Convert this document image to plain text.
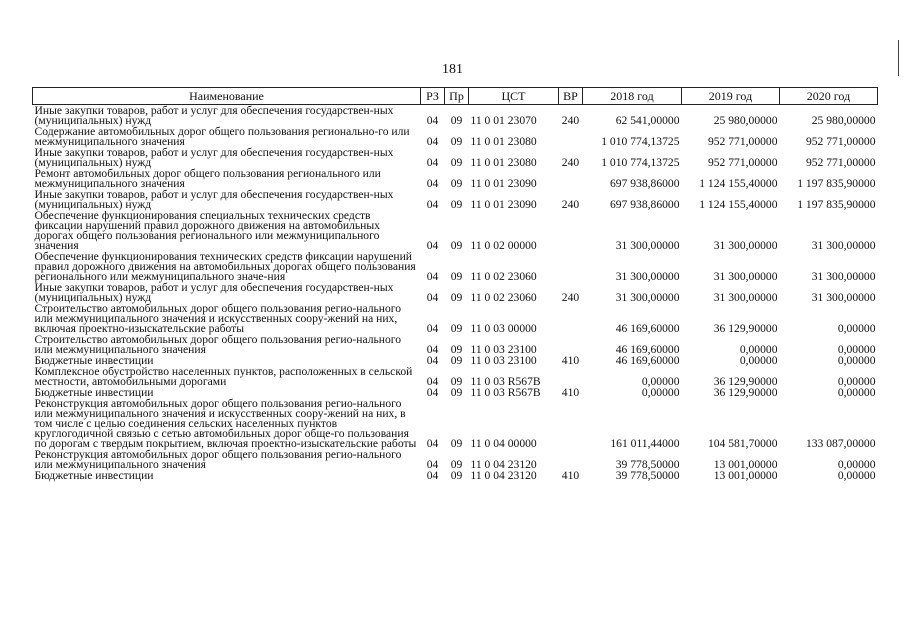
181
Наименование	РЗ	Пр	ЦСТ	ВР	2018 год	2019 год	2020 год
Иные закупки товаров, работ и услуг для обеспечения государствен-ных (муниципальных) нужд	04	09	11 0 01 23070	240	62 541,00000	25 980,00000	25 980,00000
Содержание автомобильных дорог общего пользования регионально-го или межмуниципального значения	04	09	11 0 01 23080		1 010 774,13725	952 771,00000	952 771,00000
Иные закупки товаров, работ и услуг для обеспечения государствен-ных (муниципальных) нужд	04	09	11 0 01 23080	240	1 010 774,13725	952 771,00000	952 771,00000
Ремонт автомобильных дорог общего пользования регионального или межмуниципального значения	04	09	11 0 01 23090		697 938,86000	1 124 155,40000	1 197 835,90000
Иные закупки товаров, работ и услуг для обеспечения государствен-ных (муниципальных) нужд	04	09	11 0 01 23090	240	697 938,86000	1 124 155,40000	1 197 835,90000
Обеспечение функционирования специальных технических средств фиксации нарушений правил дорожного движения на автомобильных дорогах общего пользования регионального или межмуниципального значения	04	09	11 0 02 00000		31 300,00000	31 300,00000	31 300,00000
Обеспечение функционирования технических средств фиксации нарушений правил дорожного движения на автомобильных дорогах общего пользования регионального или межмуниципального значе-ния	04	09	11 0 02 23060		31 300,00000	31 300,00000	31 300,00000
Иные закупки товаров, работ и услуг для обеспечения государствен-ных (муниципальных) нужд	04	09	11 0 02 23060	240	31 300,00000	31 300,00000	31 300,00000
Строительство автомобильных дорог общего пользования регио-нального или межмуниципального значения и искусственных соору-жений на них, включая проектно-изыскательские работы	04	09	11 0 03 00000		46 169,60000	36 129,90000	0,00000
Строительство автомобильных дорог общего пользования регио-нального или межмуниципального значения	04	09	11 0 03 23100		46 169,60000	0,00000	0,00000
Бюджетные инвестиции	04	09	11 0 03 23100	410	46 169,60000	0,00000	0,00000
Комплексное обустройство населенных пунктов, расположенных в сельской местности, автомобильными дорогами	04	09	11 0 03 R567B		0,00000	36 129,90000	0,00000
Бюджетные инвестиции	04	09	11 0 03 R567B	410	0,00000	36 129,90000	0,00000
Реконструкция автомобильных дорог общего пользования регио-нального или межмуниципального значения и искусственных соору-жений на них, в том числе с целью соединения сельских населенных пунктов круглогодичной связью с сетью автомобильных дорог обще-го пользования по дорогам с твердым покрытием, включая проектно-изыскательские работы	04	09	11 0 04 00000		161 011,44000	104 581,70000	133 087,00000
Реконструкция автомобильных дорог общего пользования регио-нального или межмуниципального значения	04	09	11 0 04 23120		39 778,50000	13 001,00000	0,00000
Бюджетные инвестиции	04	09	11 0 04 23120	410	39 778,50000	13 001,00000	0,00000
